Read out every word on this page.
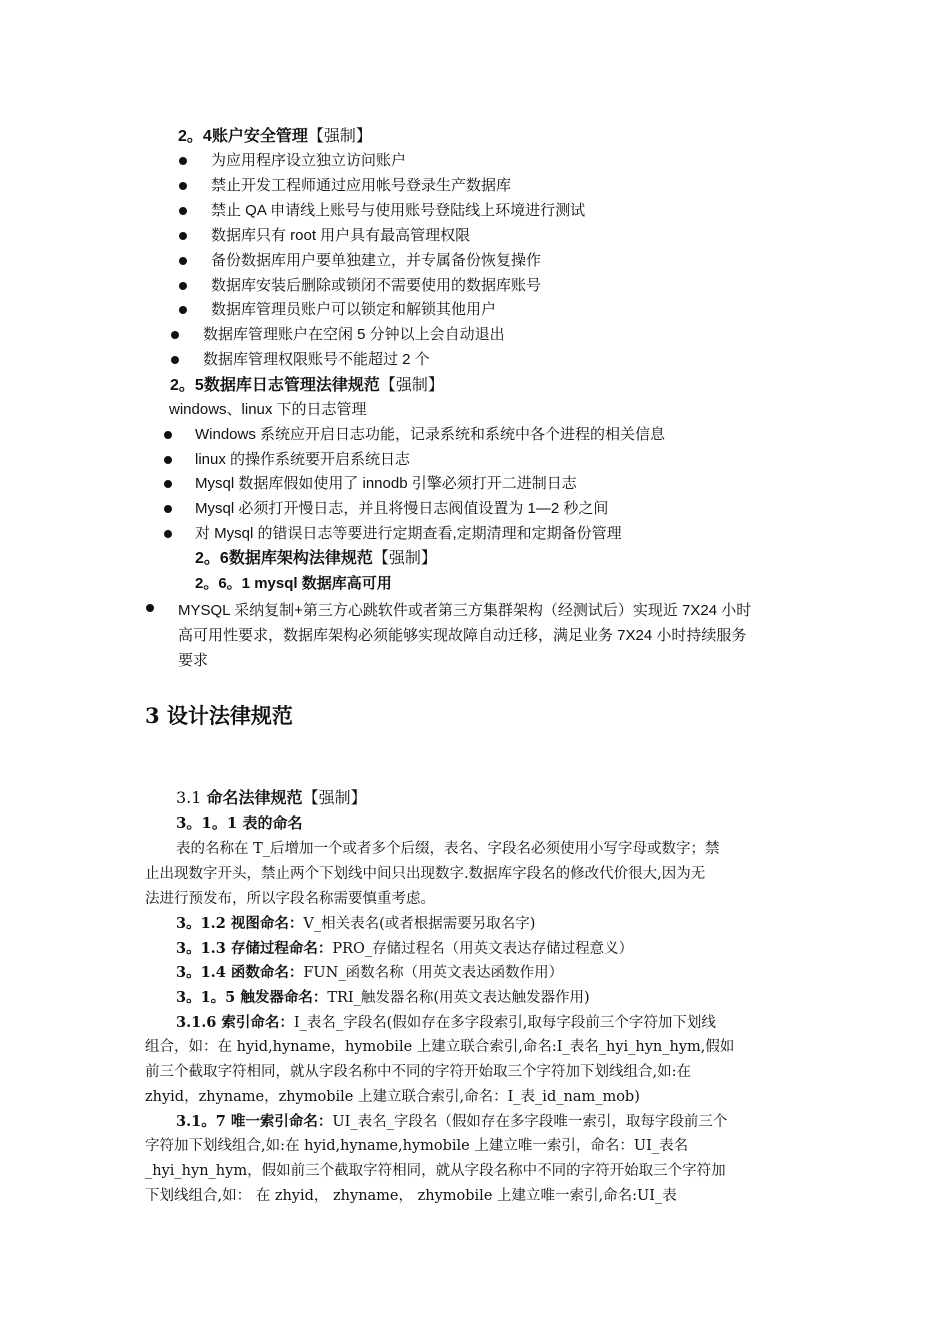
2。4账户安全管理【强制】
为应用程序设立独立访问账户
禁止开发工程师通过应用帐号登录生产数据库
禁止 QA 申请线上账号与使用账号登陆线上环境进行测试
数据库只有 root 用户具有最高管理权限
备份数据库用户要单独建立，并专属备份恢复操作
数据库安装后删除或锁闭不需要使用的数据库账号
数据库管理员账户可以锁定和解锁其他用户
数据库管理账户在空闲 5 分钟以上会自动退出
数据库管理权限账号不能超过 2 个
2。5数据库日志管理法律规范【强制】
windows、linux 下的日志管理
Windows 系统应开启日志功能，记录系统和系统中各个进程的相关信息
linux 的操作系统要开启系统日志
Mysql 数据库假如使用了 innodb 引擎必须打开二进制日志
Mysql 必须打开慢日志，并且将慢日志阀值设置为 1—2 秒之间
对 Mysql 的错误日志等要进行定期查看,定期清理和定期备份管理
2。6数据库架构法律规范【强制】
2。6。1 mysql 数据库高可用
MYSQL 采纳复制+第三方心跳软件或者第三方集群架构（经测试后）实现近 7X24 小时
高可用性要求，数据库架构必须能够实现故障自动迁移，满足业务 7X24 小时持续服务
要求
3 设计法律规范
3.1 命名法律规范【强制】
3。1。1 表的命名
表的名称在 T_后增加一个或者多个后缀，表名、字段名必须使用小写字母或数字；禁
止出现数字开头，禁止两个下划线中间只出现数字.数据库字段名的修改代价很大,因为无
法进行预发布，所以字段名称需要慎重考虑。
3。1.2 视图命名：V_相关表名(或者根据需要另取名字)
3。1.3 存储过程命名：PRO_存储过程名（用英文表达存储过程意义）
3。1.4 函数命名：FUN_函数名称（用英文表达函数作用）
3。1。5 触发器命名：TRI_触发器名称(用英文表达触发器作用)
3.1.6 索引命名：I_表名_字段名(假如存在多字段索引,取每字段前三个字符加下划线
组合，如：在 hyid,hyname，hymobile 上建立联合索引,命名:I_表名_hyi_hyn_hym,假如
前三个截取字符相同，就从字段名称中不同的字符开始取三个字符加下划线组合,如:在
zhyid，zhyname，zhymobile 上建立联合索引,命名：I_表_id_nam_mob)
3.1。7 唯一索引命名：UI_表名_字段名（假如存在多字段唯一索引，取每字段前三个
字符加下划线组合,如:在 hyid,hyname,hymobile 上建立唯一索引，命名：UI_表名
_hyi_hyn_hym，假如前三个截取字符相同，就从字段名称中不同的字符开始取三个字符加
下划线组合,如： 在 zhyid， zhyname， zhymobile 上建立唯一索引,命名:UI_表
